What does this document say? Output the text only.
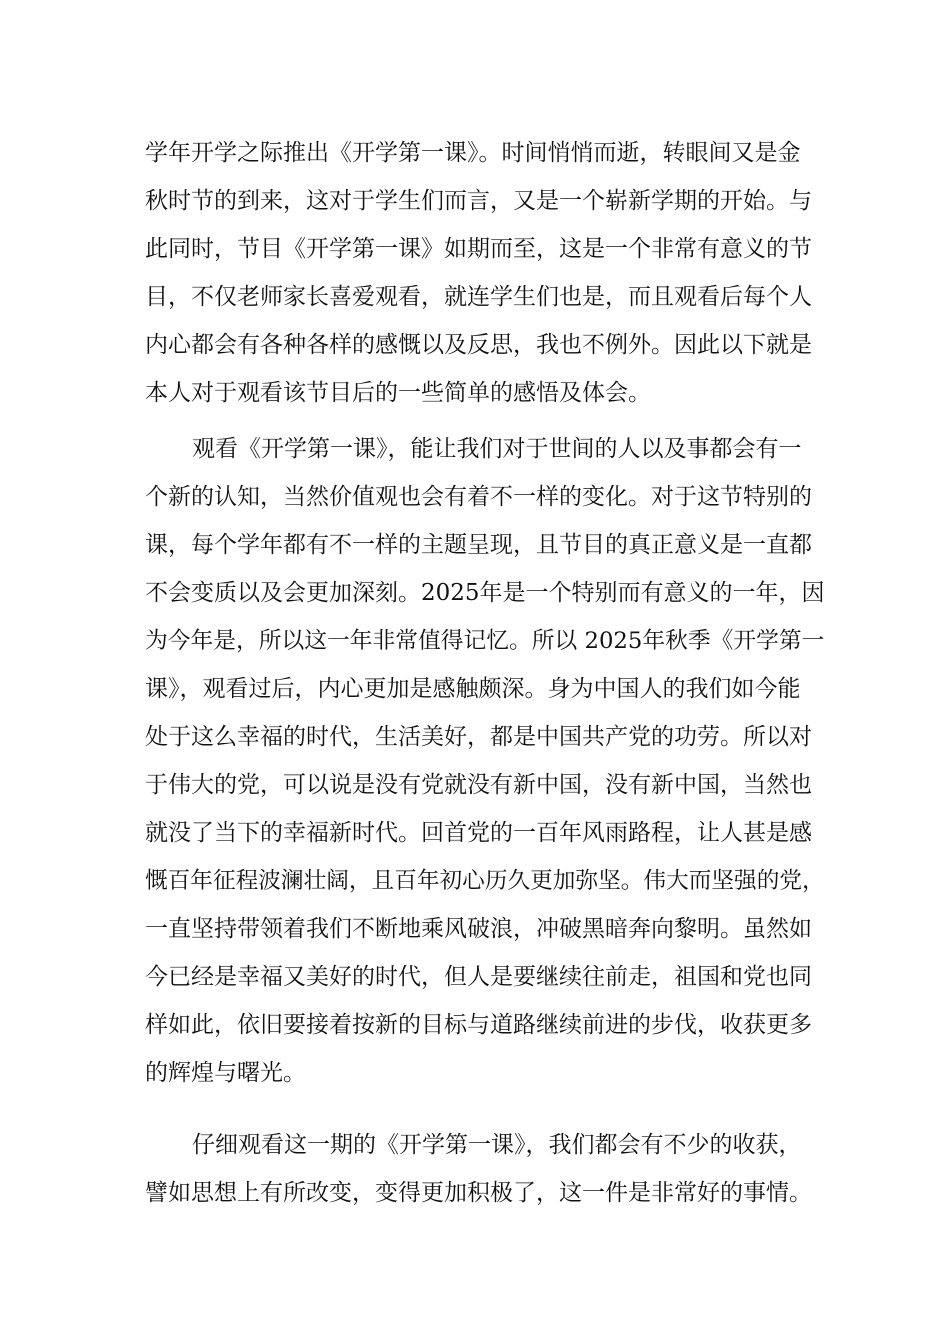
学年开学之际推出《开学第一课》。时间悄悄而逝，转眼间又是金
秋时节的到来，这对于学生们而言，又是一个崭新学期的开始。与
此同时，节目《开学第一课》如期而至，这是一个非常有意义的节
目，不仅老师家长喜爱观看，就连学生们也是，而且观看后每个人
内心都会有各种各样的感慨以及反思，我也不例外。因此以下就是
本人对于观看该节目后的一些简单的感悟及体会。
观看《开学第一课》，能让我们对于世间的人以及事都会有一
个新的认知，当然价值观也会有着不一样的变化。对于这节特别的
课，每个学年都有不一样的主题呈现，且节目的真正意义是一直都
不会变质以及会更加深刻。2025年是一个特别而有意义的一年，因
为今年是，所以这一年非常值得记忆。所以 2025年秋季《开学第一
课》，观看过后，内心更加是感触颇深。身为中国人的我们如今能
处于这么幸福的时代，生活美好，都是中国共产党的功劳。所以对
于伟大的党，可以说是没有党就没有新中国，没有新中国，当然也
就没了当下的幸福新时代。回首党的一百年风雨路程，让人甚是感
慨百年征程波澜壮阔，且百年初心历久更加弥坚。伟大而坚强的党，
一直坚持带领着我们不断地乘风破浪，冲破黑暗奔向黎明。虽然如
今已经是幸福又美好的时代，但人是要继续往前走，祖国和党也同
样如此，依旧要接着按新的目标与道路继续前进的步伐，收获更多
的辉煌与曙光。
仔细观看这一期的《开学第一课》，我们都会有不少的收获，
譬如思想上有所改变，变得更加积极了，这一件是非常好的事情。
